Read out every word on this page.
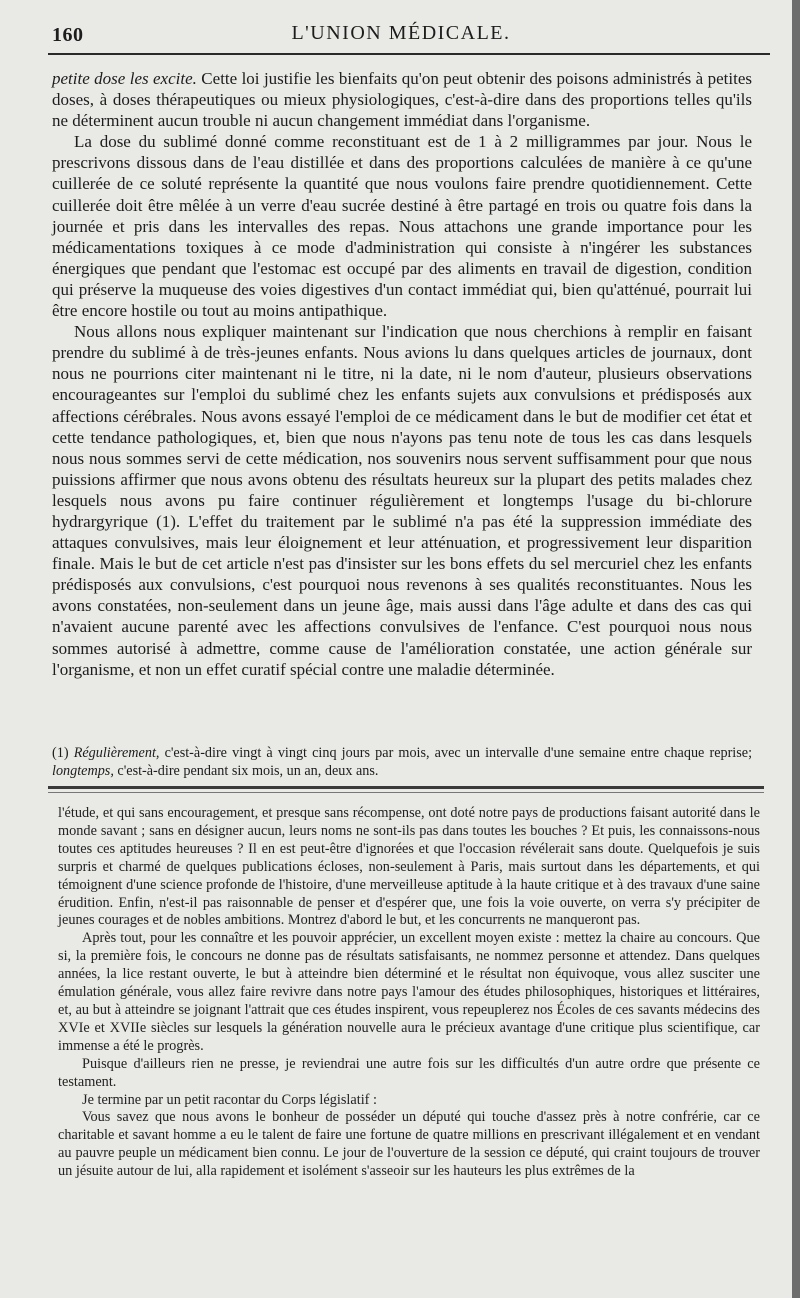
160	L'UNION MÉDICALE.

petite dose les excite. Cette loi justifie les bienfaits qu'on peut obtenir des poisons administrés à petites doses, à doses thérapeutiques ou mieux physiologiques, c'est-à-dire dans des proportions telles qu'ils ne déterminent aucun trouble ni aucun changement immédiat dans l'organisme.

La dose du sublimé donné comme reconstituant est de 1 à 2 milligrammes par jour. Nous le prescrivons dissous dans de l'eau distillée et dans des proportions calculées de manière à ce qu'une cuillerée de ce soluté représente la quantité que nous voulons faire prendre quotidiennement. Cette cuillerée doit être mêlée à un verre d'eau sucrée destiné à être partagé en trois ou quatre fois dans la journée et pris dans les intervalles des repas. Nous attachons une grande importance pour les médicamentations toxiques à ce mode d'administration qui consiste à n'ingérer les substances énergiques que pendant que l'estomac est occupé par des aliments en travail de digestion, condition qui préserve la muqueuse des voies digestives d'un contact immédiat qui, bien qu'atténué, pourrait lui être encore hostile ou tout au moins antipathique.

Nous allons nous expliquer maintenant sur l'indication que nous cherchions à remplir en faisant prendre du sublimé à de très-jeunes enfants. Nous avions lu dans quelques articles de journaux, dont nous ne pourrions citer maintenant ni le titre, ni la date, ni le nom d'auteur, plusieurs observations encourageantes sur l'emploi du sublimé chez les enfants sujets aux convulsions et prédisposés aux affections cérébrales. Nous avons essayé l'emploi de ce médicament dans le but de modifier cet état et cette tendance pathologiques, et, bien que nous n'ayons pas tenu note de tous les cas dans lesquels nous nous sommes servi de cette médication, nos souvenirs nous servent suffisamment pour que nous puissions affirmer que nous avons obtenu des résultats heureux sur la plupart des petits malades chez lesquels nous avons pu faire continuer régulièrement et longtemps l'usage du bi-chlorure hydrargyrique (1). L'effet du traitement par le sublimé n'a pas été la suppression immédiate des attaques convulsives, mais leur éloignement et leur atténuation, et progressivement leur disparition finale. Mais le but de cet article n'est pas d'insister sur les bons effets du sel mercuriel chez les enfants prédisposés aux convulsions, c'est pourquoi nous revenons à ses qualités reconstituantes. Nous les avons constatées, non-seulement dans un jeune âge, mais aussi dans l'âge adulte et dans des cas qui n'avaient aucune parenté avec les affections convulsives de l'enfance. C'est pourquoi nous nous sommes autorisé à admettre, comme cause de l'amélioration constatée, une action générale sur l'organisme, et non un effet curatif spécial contre une maladie déterminée.

(1) Régulièrement, c'est-à-dire vingt à vingt cinq jours par mois, avec un intervalle d'une semaine entre chaque reprise; longtemps, c'est-à-dire pendant six mois, un an, deux ans.

l'étude, et qui sans encouragement, et presque sans récompense, ont doté notre pays de productions faisant autorité dans le monde savant ; sans en désigner aucun, leurs noms ne sont-ils pas dans toutes les bouches ? Et puis, les connaissons-nous toutes ces aptitudes heureuses ? Il en est peut-être d'ignorées et que l'occasion révélerait sans doute. Quelquefois je suis surpris et charmé de quelques publications écloses, non-seulement à Paris, mais surtout dans les départements, et qui témoignent d'une science profonde de l'histoire, d'une merveilleuse aptitude à la haute critique et à des travaux d'une saine érudition. Enfin, n'est-il pas raisonnable de penser et d'espérer que, une fois la voie ouverte, on verra s'y précipiter de jeunes courages et de nobles ambitions. Montrez d'abord le but, et les concurrents ne manqueront pas.

Après tout, pour les connaître et les pouvoir apprécier, un excellent moyen existe : mettez la chaire au concours. Que si, la première fois, le concours ne donne pas de résultats satisfaisants, ne nommez personne et attendez. Dans quelques années, la lice restant ouverte, le but à atteindre bien déterminé et le résultat non équivoque, vous allez susciter une émulation générale, vous allez faire revivre dans notre pays l'amour des études philosophiques, historiques et littéraires, et, au but à atteindre se joignant l'attrait que ces études inspirent, vous repeuplerez nos Écoles de ces savants médecins des XVIe et XVIIe siècles sur lesquels la génération nouvelle aura le précieux avantage d'une critique plus scientifique, car immense a été le progrès.

Puisque d'ailleurs rien ne presse, je reviendrai une autre fois sur les difficultés d'un autre ordre que présente ce testament.

Je termine par un petit racontar du Corps législatif :

Vous savez que nous avons le bonheur de posséder un député qui touche d'assez près à notre confrérie, car ce charitable et savant homme a eu le talent de faire une fortune de quatre millions en prescrivant illégalement et en vendant au pauvre peuple un médicament bien connu. Le jour de l'ouverture de la session ce député, qui craint toujours de trouver un jésuite autour de lui, alla rapidement et isolément s'asseoir sur les hauteurs les plus extrêmes de la
